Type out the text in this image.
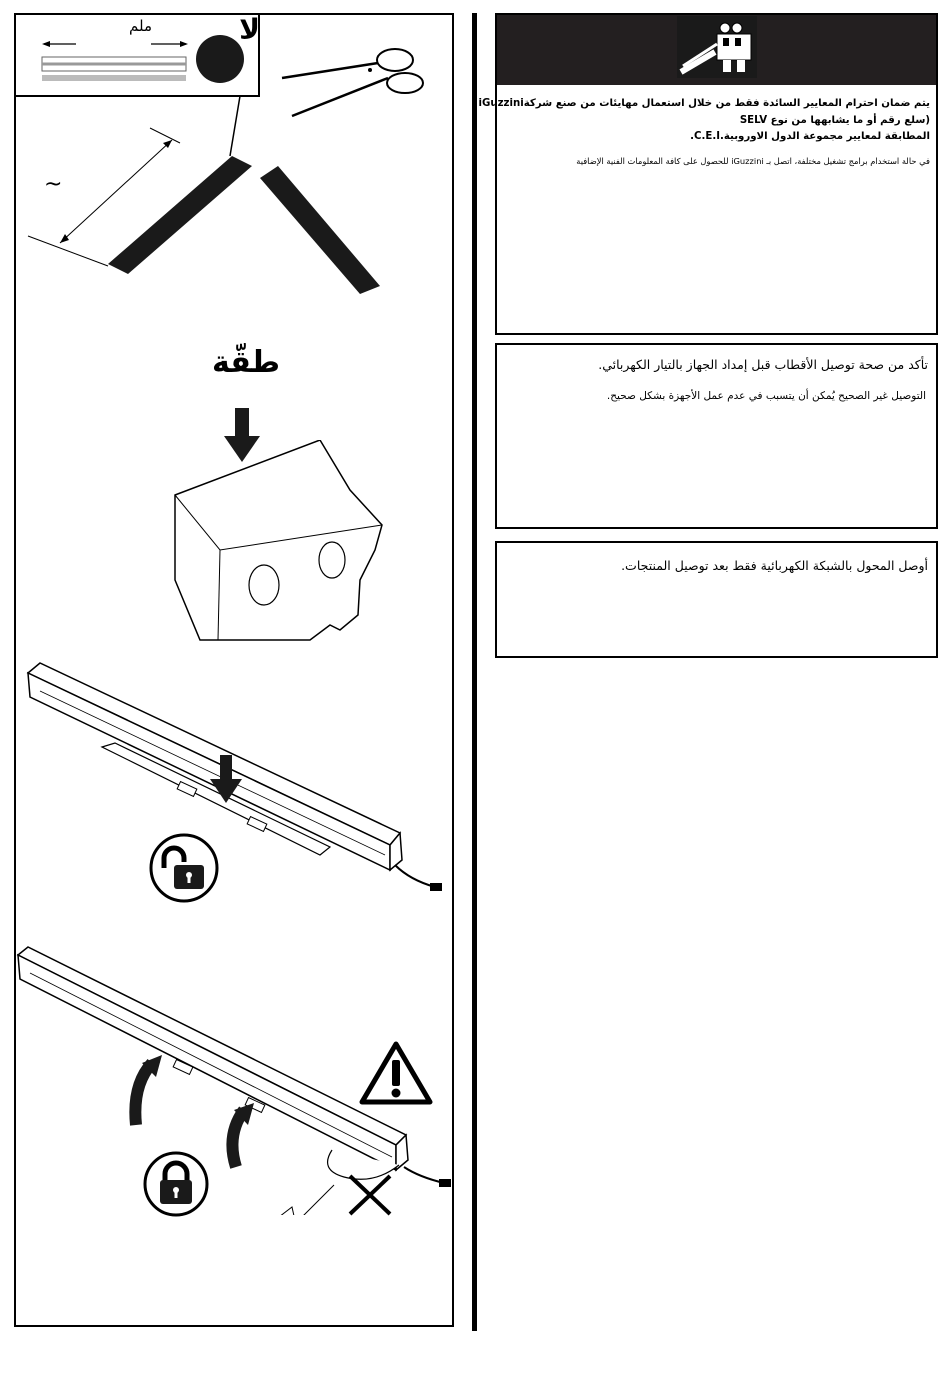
ملم	لا
~
طقّة
يتم ضمان احترام المعايير السائدة فقط من خلال استعمال مهايئات من صنع شركةiGuzzini
(سلع رقم أو ما يشابهها من نوع SELV
المطابقة لمعايير مجموعة الدول الاوروبية.C.E.I.
في حالة استخدام برامج تشغيل مختلفة، اتصل بـ iGuzzini للحصول على كافة المعلومات الفنية الإضافية
تأكد من صحة توصيل الأقطاب قبل إمداد الجهاز بالتيار الكهربائي.
التوصيل غير الصحيح يُمكن أن يتسبب في عدم عمل الأجهزة بشكل صحيح.
أوصل المحول بالشبكة الكهربائية فقط بعد توصيل المنتجات.
